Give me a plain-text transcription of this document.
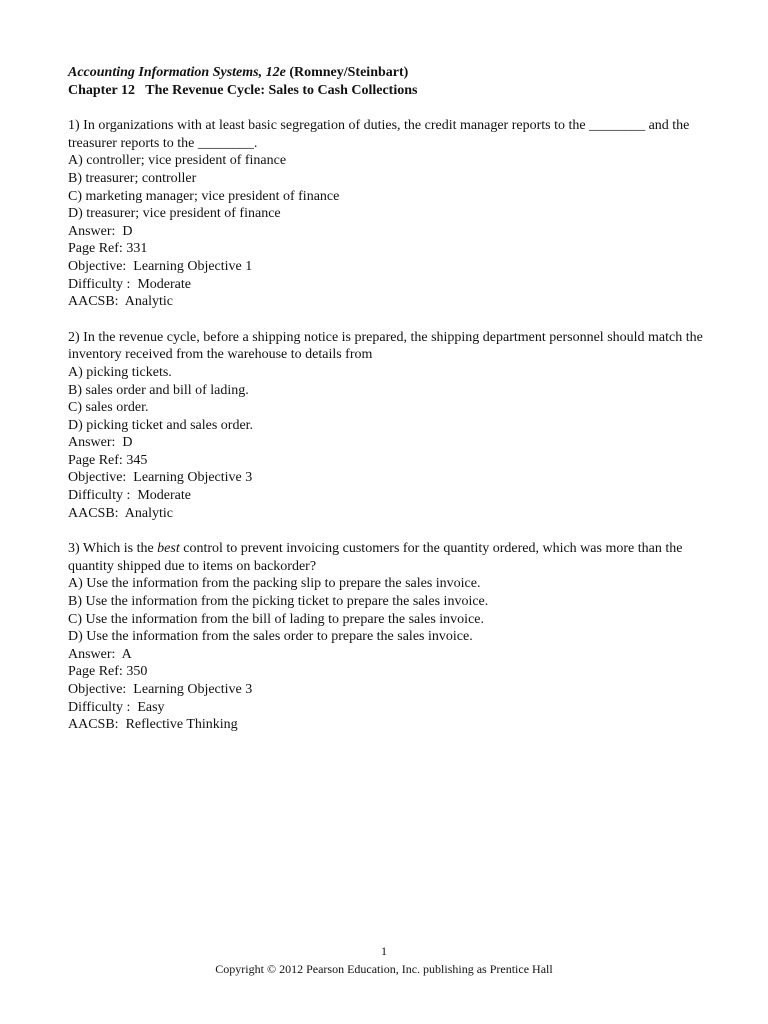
Accounting Information Systems, 12e (Romney/Steinbart)

Chapter 12   The Revenue Cycle: Sales to Cash Collections

1) In organizations with at least basic segregation of duties, the credit manager reports to the ________ and the treasurer reports to the ________.

A) controller; vice president of finance

B) treasurer; controller

C) marketing manager; vice president of finance

D) treasurer; vice president of finance

Answer:  D

Page Ref: 331

Objective:  Learning Objective 1

Difficulty :  Moderate

AACSB:  Analytic

2) In the revenue cycle, before a shipping notice is prepared, the shipping department personnel should match the inventory received from the warehouse to details from

A) picking tickets.

B) sales order and bill of lading.

C) sales order.

D) picking ticket and sales order.

Answer:  D

Page Ref: 345

Objective:  Learning Objective 3

Difficulty :  Moderate

AACSB:  Analytic

3) Which is the best control to prevent invoicing customers for the quantity ordered, which was more than the quantity shipped due to items on backorder?

A) Use the information from the packing slip to prepare the sales invoice.

B) Use the information from the picking ticket to prepare the sales invoice.

C) Use the information from the bill of lading to prepare the sales invoice.

D) Use the information from the sales order to prepare the sales invoice.

Answer:  A

Page Ref: 350

Objective:  Learning Objective 3

Difficulty :  Easy

AACSB:  Reflective Thinking

1
Copyright © 2012 Pearson Education, Inc. publishing as Prentice Hall
